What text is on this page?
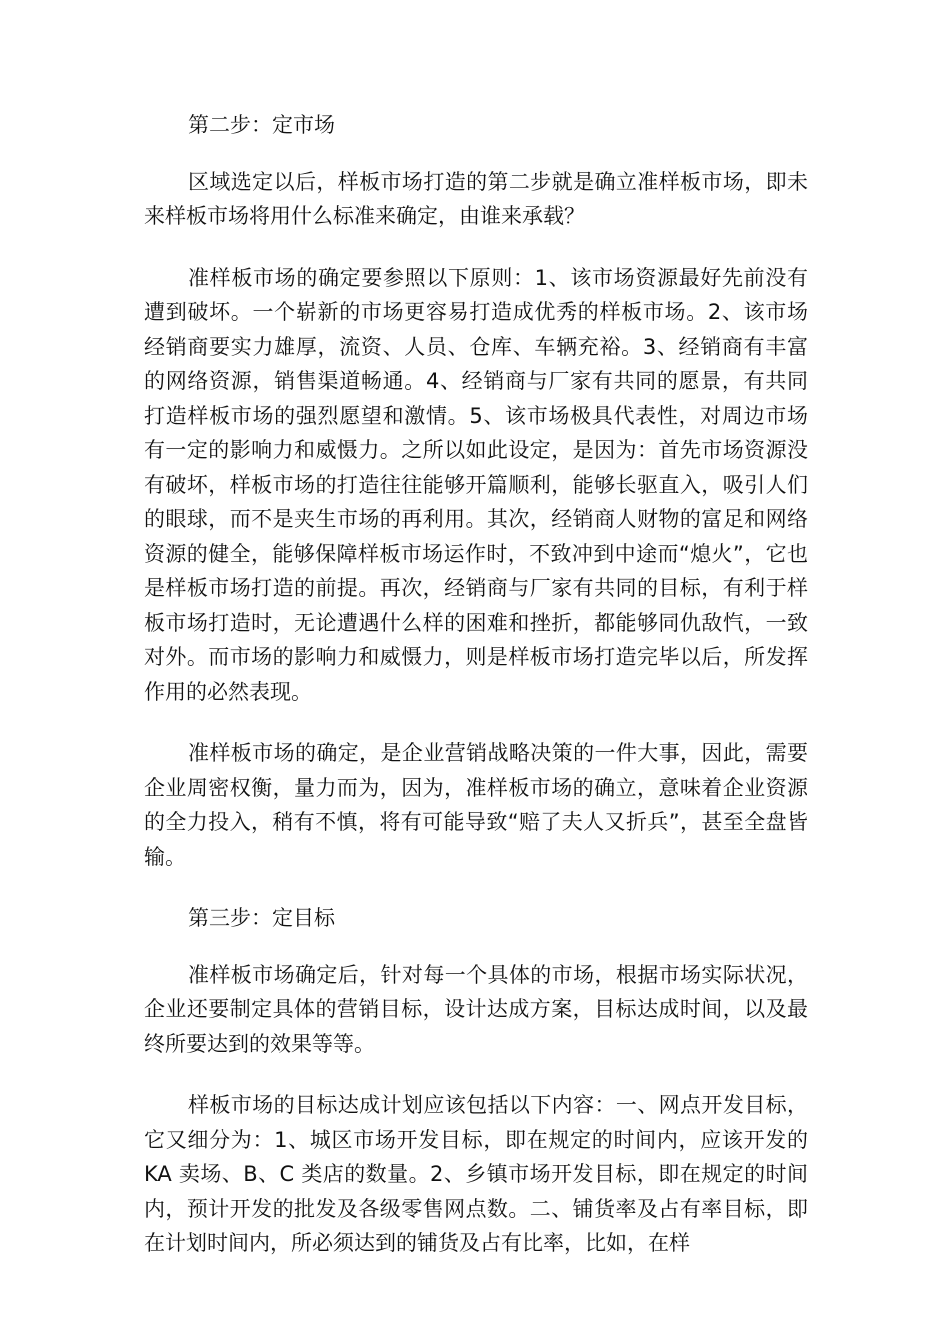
第二步：定市场

区域选定以后，样板市场打造的第二步就是确立准样板市场，即未来样板市场将用什么标准来确定，由谁来承载？

准样板市场的确定要参照以下原则：1、该市场资源最好先前没有遭到破坏。一个崭新的市场更容易打造成优秀的样板市场。2、该市场经销商要实力雄厚，流资、人员、仓库、车辆充裕。3、经销商有丰富的网络资源，销售渠道畅通。4、经销商与厂家有共同的愿景，有共同打造样板市场的强烈愿望和激情。5、该市场极具代表性，对周边市场有一定的影响力和威慑力。之所以如此设定，是因为：首先市场资源没有破坏，样板市场的打造往往能够开篇顺利，能够长驱直入，吸引人们的眼球，而不是夹生市场的再利用。其次，经销商人财物的富足和网络资源的健全，能够保障样板市场运作时，不致冲到中途而“熄火”，它也是样板市场打造的前提。再次，经销商与厂家有共同的目标，有利于样板市场打造时，无论遭遇什么样的困难和挫折，都能够同仇敌忾，一致对外。而市场的影响力和威慑力，则是样板市场打造完毕以后，所发挥作用的必然表现。

准样板市场的确定，是企业营销战略决策的一件大事，因此，需要企业周密权衡，量力而为，因为，准样板市场的确立，意味着企业资源的全力投入，稍有不慎，将有可能导致“赔了夫人又折兵”，甚至全盘皆输。

第三步：定目标

准样板市场确定后，针对每一个具体的市场，根据市场实际状况，企业还要制定具体的营销目标，设计达成方案，目标达成时间，以及最终所要达到的效果等等。

样板市场的目标达成计划应该包括以下内容：一、网点开发目标，它又细分为：1、城区市场开发目标，即在规定的时间内，应该开发的 KA 卖场、B、C 类店的数量。2、乡镇市场开发目标，即在规定的时间内，预计开发的批发及各级零售网点数。二、铺货率及占有率目标，即在计划时间内，所必须达到的铺货及占有比率，比如，在样
